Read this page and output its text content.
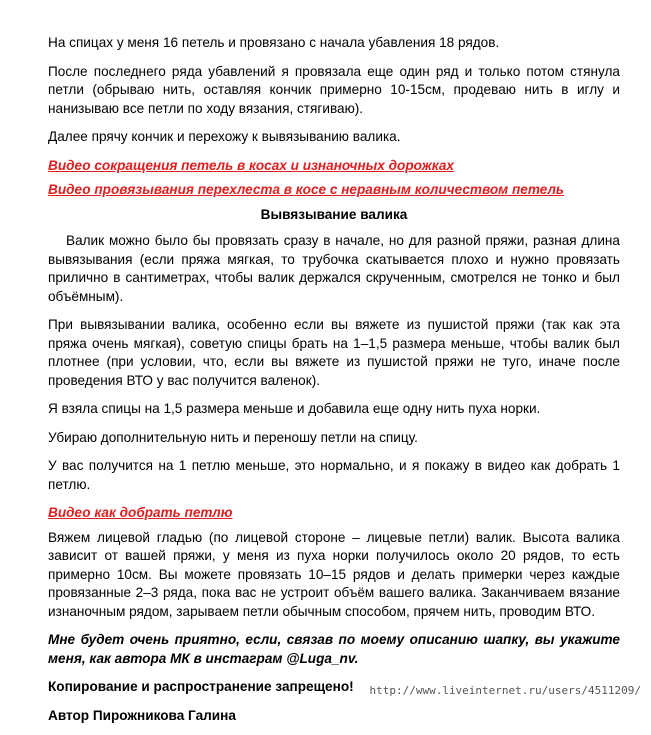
На спицах у меня 16 петель и провязано с начала убавления 18 рядов.

После последнего ряда убавлений я провязала еще один ряд и только потом стянула петли (обрываю нить, оставляя кончик примерно 10-15см, продеваю нить в иглу и нанизываю все петли по ходу вязания, стягиваю).

Далее прячу кончик и перехожу к вывязыванию валика.

Видео сокращения петель в косах и изнаночных дорожках

Видео провязывания перехлеста в косе с неравным количеством петель

Вывязывание валика

Валик можно было бы провязать сразу в начале, но для разной пряжи, разная длина вывязывания (если пряжа мягкая, то трубочка скатывается плохо и нужно провязать прилично в сантиметрах, чтобы валик держался скрученным, смотрелся не тонко и был объёмным).

При вывязывании валика, особенно если вы вяжете из пушистой пряжи (так как эта пряжа очень мягкая), советую спицы брать на 1–1,5 размера меньше, чтобы валик был плотнее (при условии, что, если вы вяжете из пушистой пряжи не туго, иначе после проведения ВТО у вас получится валенок).

Я взяла спицы на 1,5 размера меньше и добавила еще одну нить пуха норки.

Убираю дополнительную нить и переношу петли на спицу.

У вас получится на 1 петлю меньше, это нормально, и я покажу в видео как добрать 1 петлю.

Видео как добрать петлю

Вяжем лицевой гладью (по лицевой стороне – лицевые петли) валик. Высота валика зависит от вашей пряжи, у меня из пуха норки получилось около 20 рядов, то есть примерно 10см. Вы можете провязать 10–15 рядов и делать примерки через каждые провязанные 2–3 ряда, пока вас не устроит объём вашего валика. Заканчиваем вязание изнаночным рядом, зарываем петли обычным способом, прячем нить, проводим ВТО.

Мне будет очень приятно, если, связав по моему описанию шапку, вы укажите меня, как автора МК в инстаграм @Luga_nv.

Копирование и распространение запрещено!

Автор Пирожникова Галина

http://www.liveinternet.ru/users/4511209/
